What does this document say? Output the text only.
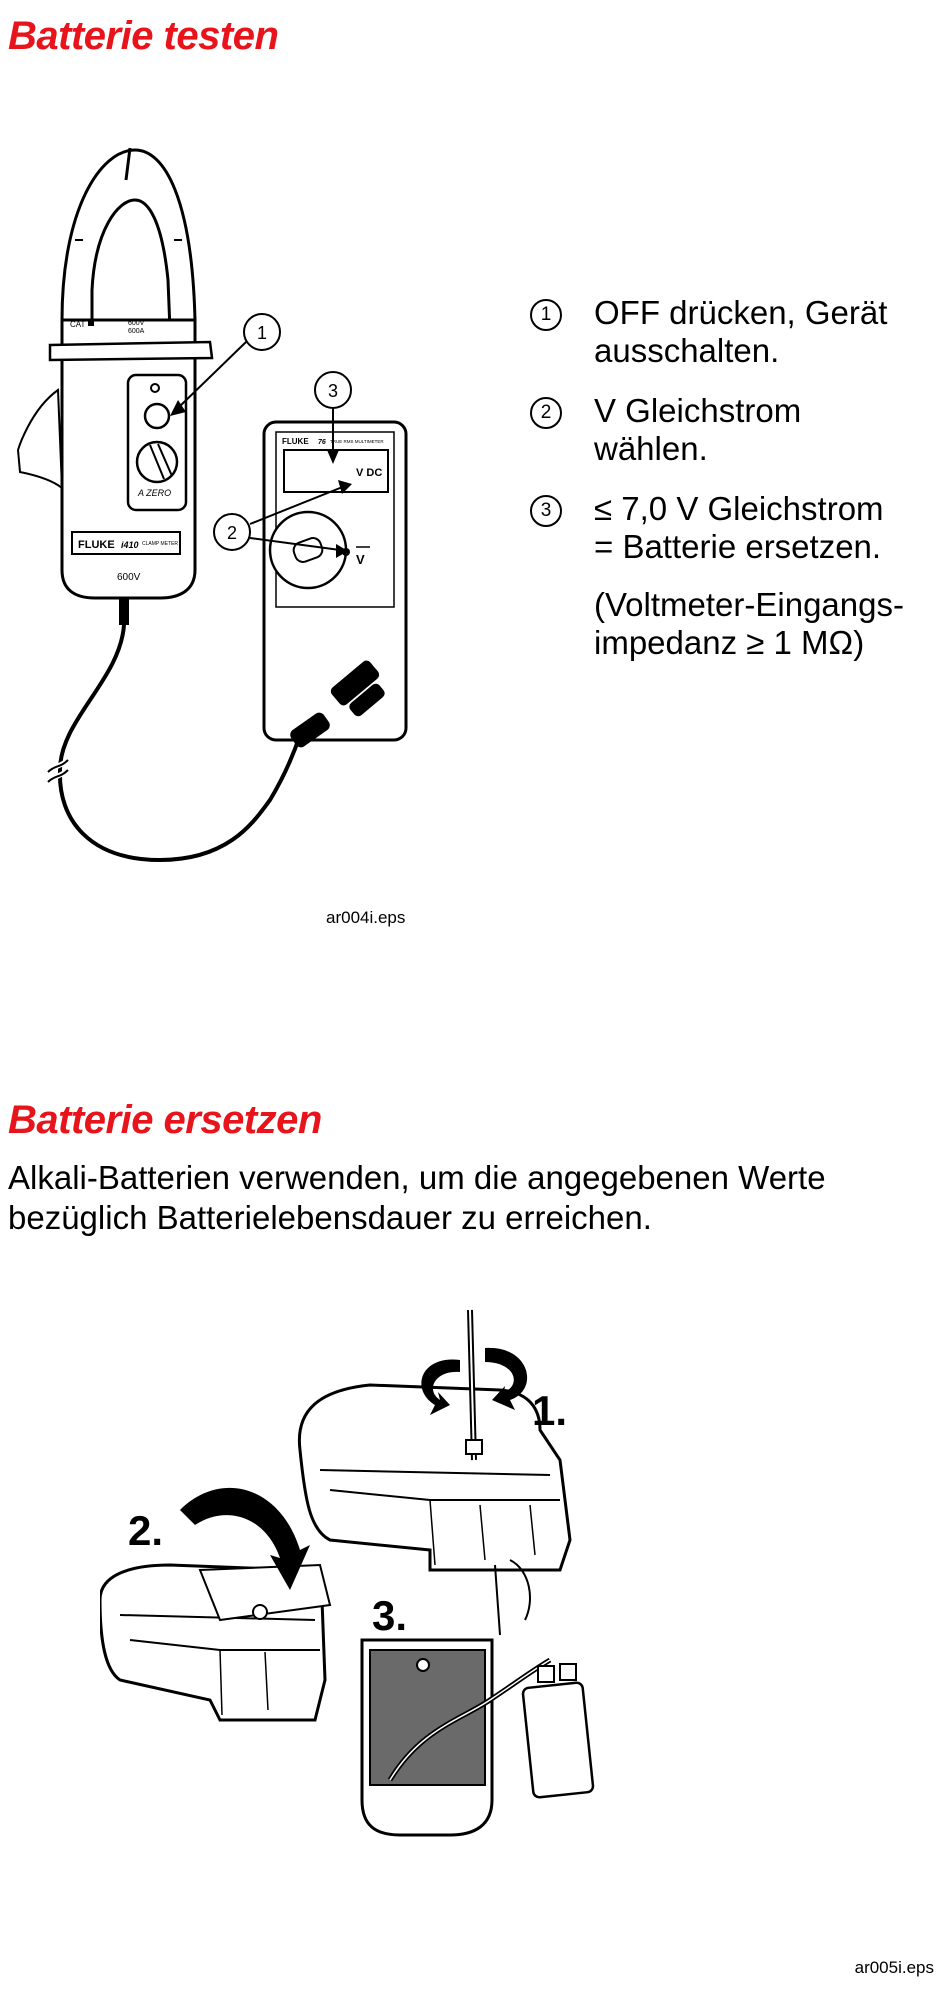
Batterie testen
CAT	600V
600A
A ZERO
FLUKE i410 CLAMP METER
600V
FLUKE 76 TRUE RMS MULTIMETER
V DC
V
1
3
2
ar004i.eps
1	OFF drücken, Gerät
ausschalten.
2	V Gleichstrom
wählen.
3	≤ 7,0 V Gleichstrom
= Batterie ersetzen.
(Voltmeter-Eingangs-
impedanz ≥ 1 MΩ)
Batterie ersetzen
Alkali-Batterien verwenden, um die angegebenen Werte
bezüglich Batterielebensdauer zu erreichen.
1.
2.
3.
ar005i.eps
